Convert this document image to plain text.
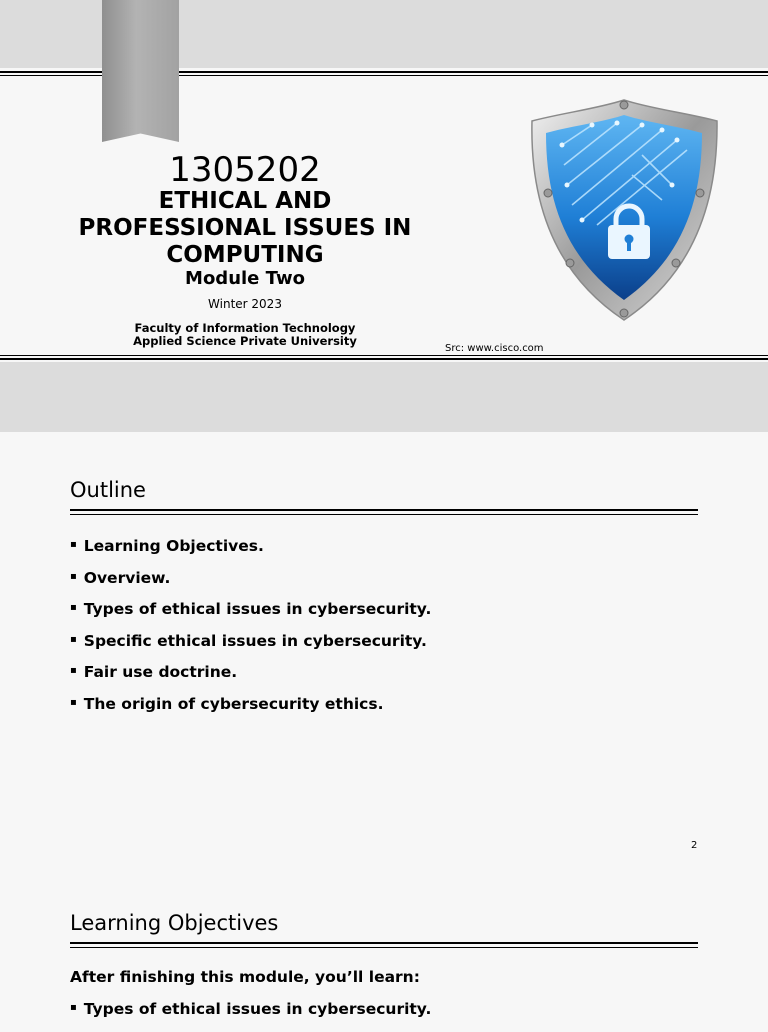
1305202
ETHICAL AND
PROFESSIONAL ISSUES IN
COMPUTING
Module Two
Winter 2023
Faculty of Information Technology
Applied Science Private University
Src: www.cisco.com
Outline
▪ Learning Objectives.
▪ Overview.
▪ Types of ethical issues in cybersecurity.
▪ Specific ethical issues in cybersecurity.
▪ Fair use doctrine.
▪ The origin of cybersecurity ethics.
2
Learning Objectives
After finishing this module, you’ll learn:
▪ Types of ethical issues in cybersecurity.
